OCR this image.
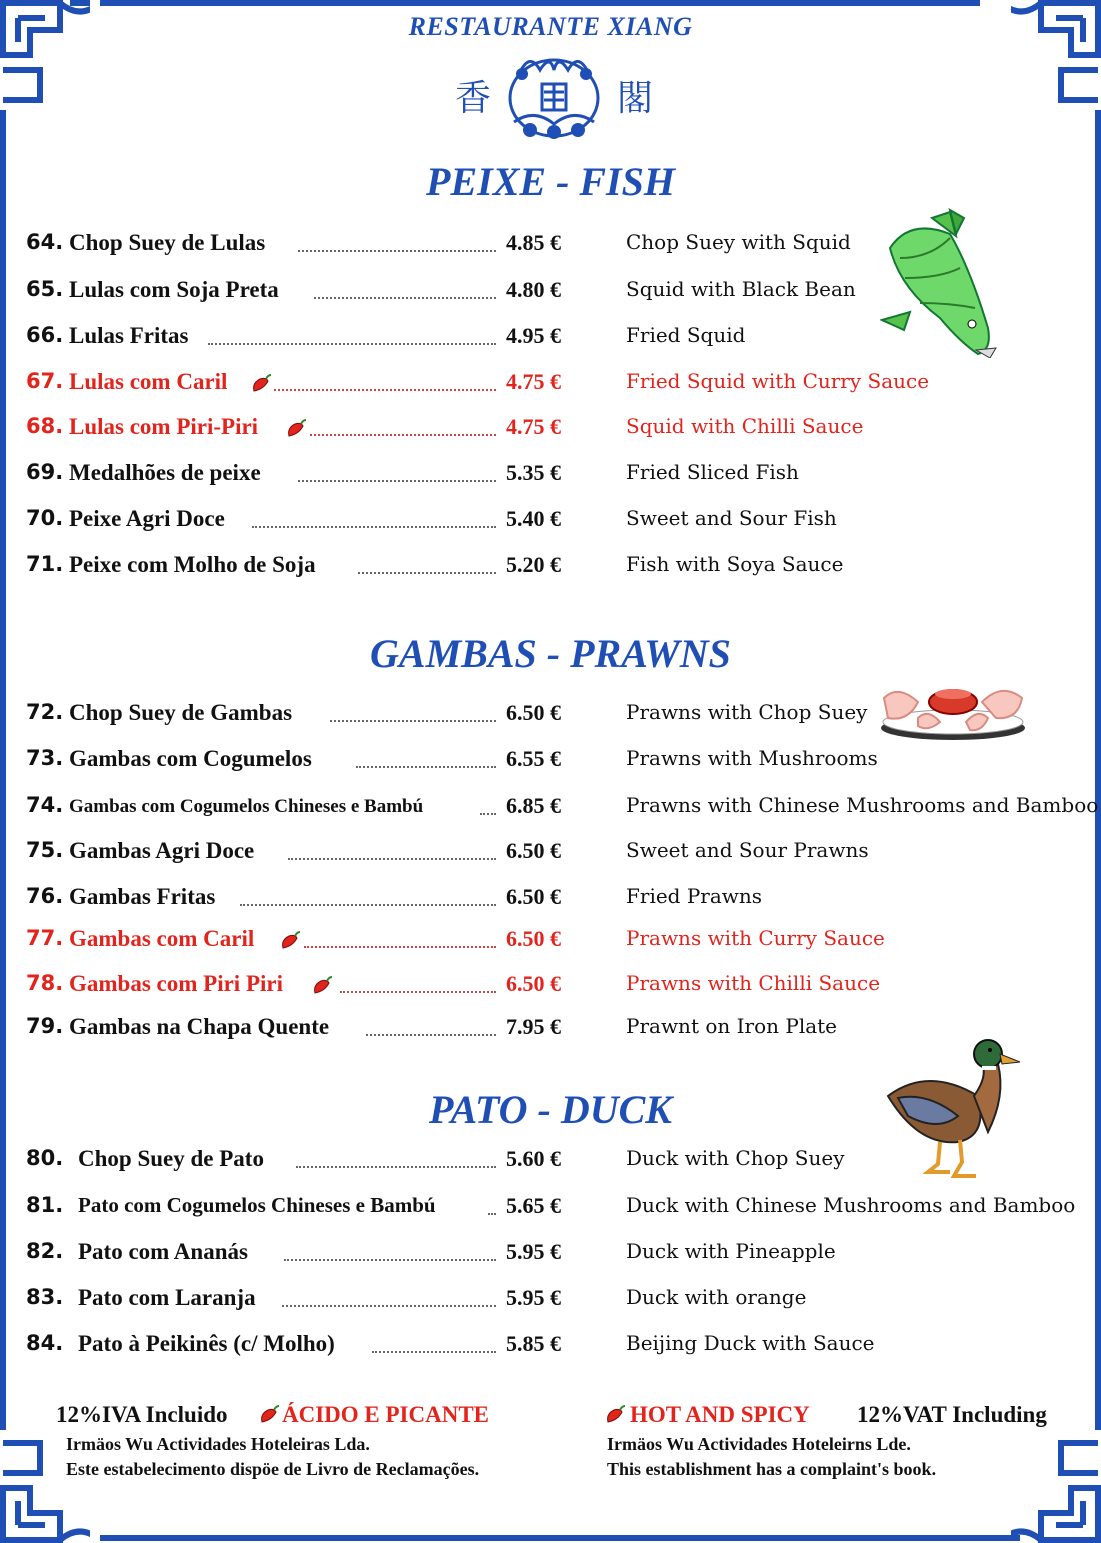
RESTAURANTE XIANG
香	閣
PEIXE - FISH
GAMBAS - PRAWNS
PATO - DUCK
64. Chop Suey de Lulas	4.85 €	Chop Suey with Squid
65. Lulas com Soja Preta	4.80 €	Squid with Black Bean
66. Lulas Fritas	4.95 €	Fried Squid
67. Lulas com Caril	4.75 €	Fried Squid with Curry Sauce
68. Lulas com Piri-Piri	4.75 €	Squid with Chilli Sauce
69. Medalhões de peixe	5.35 €	Fried Sliced Fish
70. Peixe Agri Doce	5.40 €	Sweet and Sour Fish
71. Peixe com Molho de Soja	5.20 €	Fish with Soya Sauce
72. Chop Suey de Gambas	6.50 €	Prawns with Chop Suey
73. Gambas com Cogumelos	6.55 €	Prawns with Mushrooms
74. Gambas com Cogumelos Chineses e Bambú	6.85 €	Prawns with Chinese Mushrooms and Bamboo
75. Gambas Agri Doce	6.50 €	Sweet and Sour Prawns
76. Gambas Fritas	6.50 €	Fried Prawns
77. Gambas com Caril	6.50 €	Prawns with Curry Sauce
78. Gambas com Piri Piri	6.50 €	Prawns with Chilli Sauce
79. Gambas na Chapa Quente	7.95 €	Prawnt on Iron Plate
80. Chop Suey de Pato	5.60 €	Duck with Chop Suey
81. Pato com Cogumelos Chineses e Bambú	5.65 €	Duck with Chinese Mushrooms and Bamboo
82. Pato com Ananás	5.95 €	Duck with Pineapple
83. Pato com Laranja	5.95 €	Duck with orange
84. Pato à Peikinês (c/ Molho)	5.85 €	Beijing Duck with Sauce
12%IVA Incluido ÁCIDO E PICANTE
Irmäos Wu Actividades Hoteleiras Lda.
Este estabelecimento dispöe de Livro de Reclamações.
HOT AND SPICY 12%VAT Including
Irmäos Wu Actividades Hoteleirns Lde.
This establishment has a complaint's book.
